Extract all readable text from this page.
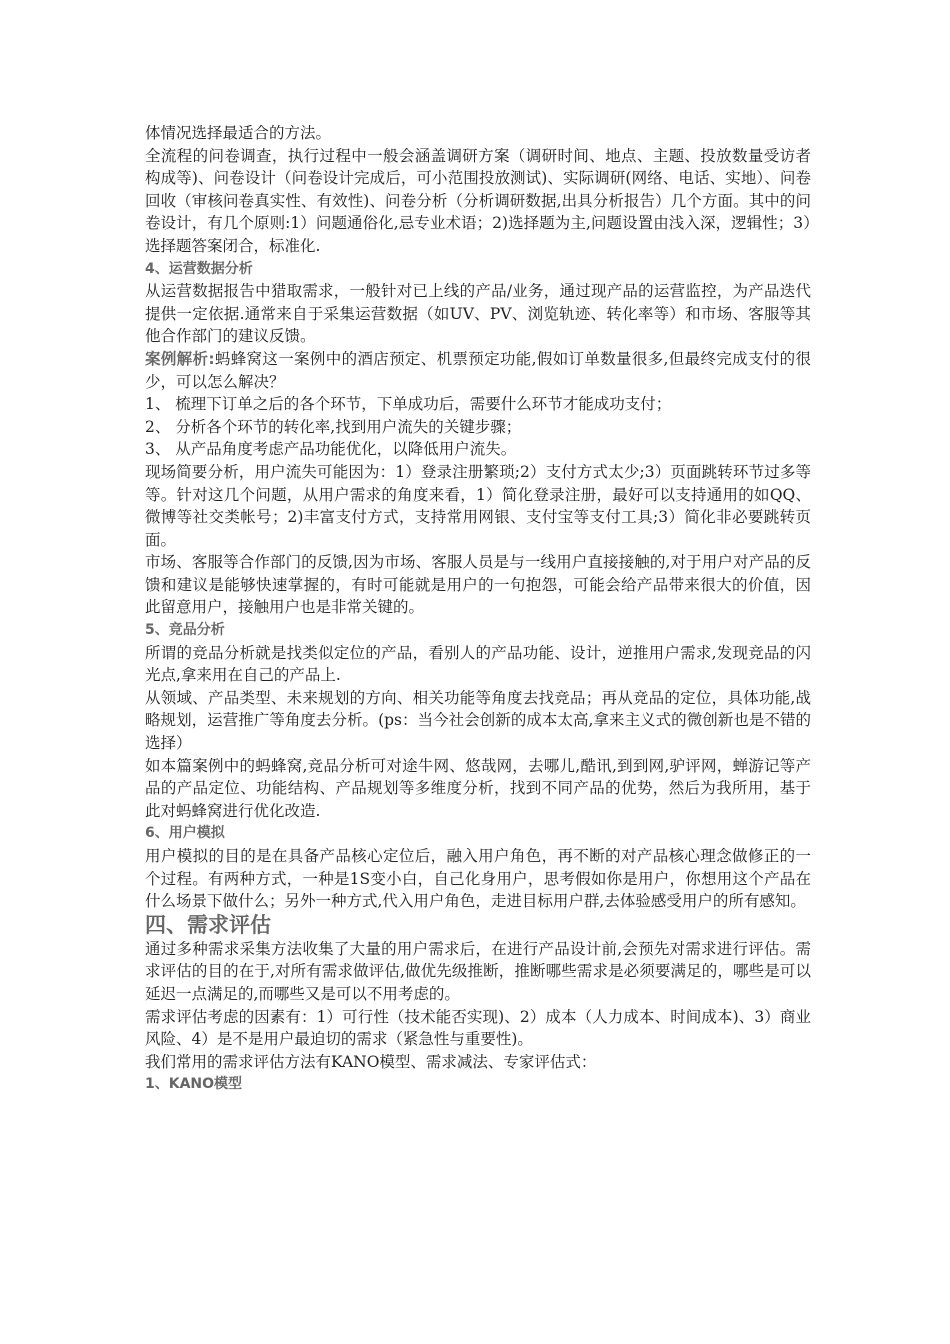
体情况选择最适合的方法。
全流程的问卷调查，执行过程中一般会涵盖调研方案（调研时间、地点、主题、投放数量受访者构成等)、问卷设计（问卷设计完成后，可小范围投放测试)、实际调研(网络、电话、实地）、问卷回收（审核问卷真实性、有效性)、问卷分析（分析调研数据,出具分析报告）几个方面。其中的问卷设计，有几个原则:1）问题通俗化,忌专业术语；2)选择题为主,问题设置由浅入深，逻辑性；3）选择题答案闭合，标准化.
4、运营数据分析
从运营数据报告中猎取需求，一般针对已上线的产品/业务，通过现产品的运营监控，为产品迭代提供一定依据.通常来自于采集运营数据（如UV、PV、浏览轨迹、转化率等）和市场、客服等其他合作部门的建议反馈。
案例解析:蚂蜂窝这一案例中的酒店预定、机票预定功能,假如订单数量很多,但最终完成支付的很少，可以怎么解决？
1、 梳理下订单之后的各个环节，下单成功后，需要什么环节才能成功支付；
2、 分析各个环节的转化率,找到用户流失的关键步骤；
3、 从产品角度考虑产品功能优化，以降低用户流失。
现场简要分析，用户流失可能因为：1）登录注册繁琐;2）支付方式太少;3）页面跳转环节过多等等。针对这几个问题，从用户需求的角度来看，1）简化登录注册，最好可以支持通用的如QQ、微博等社交类帐号；2)丰富支付方式，支持常用网银、支付宝等支付工具;3）简化非必要跳转页面。
市场、客服等合作部门的反馈,因为市场、客服人员是与一线用户直接接触的,对于用户对产品的反馈和建议是能够快速掌握的，有时可能就是用户的一句抱怨，可能会给产品带来很大的价值，因此留意用户，接触用户也是非常关键的。
5、竞品分析
所谓的竞品分析就是找类似定位的产品，看别人的产品功能、设计，逆推用户需求,发现竞品的闪光点,拿来用在自己的产品上.
从领域、产品类型、未来规划的方向、相关功能等角度去找竞品；再从竞品的定位，具体功能,战略规划，运营推广等角度去分析。(ps：当今社会创新的成本太高,拿来主义式的微创新也是不错的选择）
如本篇案例中的蚂蜂窝,竞品分析可对途牛网、悠哉网，去哪儿,酷讯,到到网,驴评网，蝉游记等产品的产品定位、功能结构、产品规划等多维度分析，找到不同产品的优势，然后为我所用，基于此对蚂蜂窝进行优化改造.
6、用户模拟
用户模拟的目的是在具备产品核心定位后，融入用户角色，再不断的对产品核心理念做修正的一个过程。有两种方式，一种是1S变小白，自己化身用户，思考假如你是用户，你想用这个产品在什么场景下做什么；另外一种方式,代入用户角色，走进目标用户群,去体验感受用户的所有感知。
四、需求评估
通过多种需求采集方法收集了大量的用户需求后，在进行产品设计前,会预先对需求进行评估。需求评估的目的在于,对所有需求做评估,做优先级推断，推断哪些需求是必须要满足的，哪些是可以延迟一点满足的,而哪些又是可以不用考虑的。
需求评估考虑的因素有：1）可行性（技术能否实现)、2）成本（人力成本、时间成本)、3）商业风险、4）是不是用户最迫切的需求（紧急性与重要性)。
我们常用的需求评估方法有KANO模型、需求减法、专家评估式：
1、KANO模型
